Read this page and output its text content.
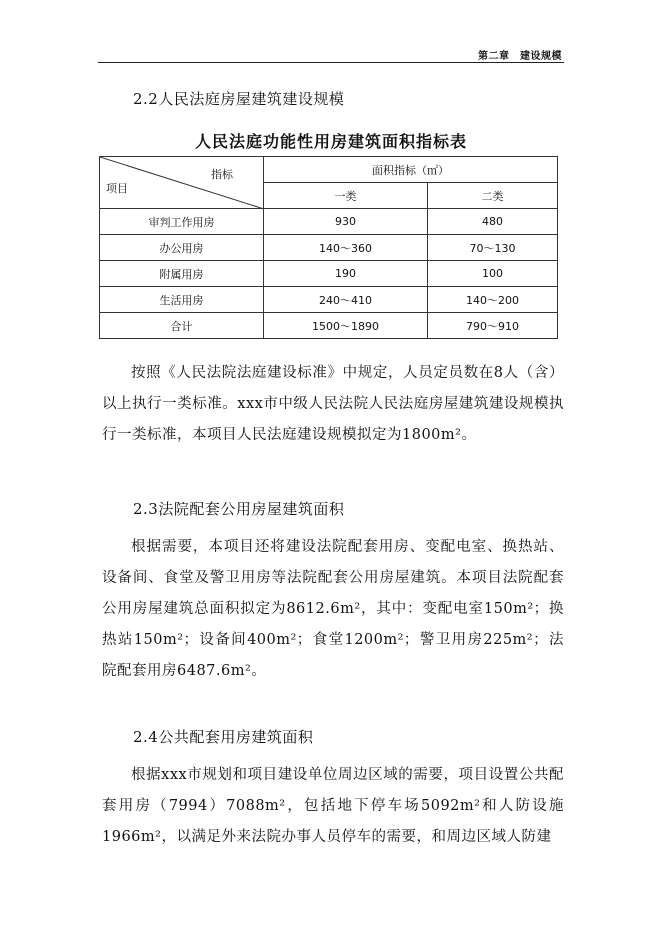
第二章　建设规模
2.2人民法庭房屋建筑建设规模
人民法庭功能性用房建筑面积指标表
指标
项目	面积指标（㎡）	
	一类	二类
审判工作用房	930	480
办公用房	140～360	70～130
附属用房	190	100
生活用房	240～410	140～200
合计	1500～1890	790～910

按照《人民法院法庭建设标准》中规定，人员定员数在8人（含）以上执行一类标准。xxx市中级人民法院人民法庭房屋建筑建设规模执行一类标准，本项目人民法庭建设规模拟定为1800m²。

2.3法院配套公用房屋建筑面积

根据需要，本项目还将建设法院配套用房、变配电室、换热站、设备间、食堂及警卫用房等法院配套公用房屋建筑。本项目法院配套公用房屋建筑总面积拟定为8612.6m²，其中：变配电室150m²；换热站150m²；设备间400m²；食堂1200m²；警卫用房225m²；法院配套用房6487.6m²。

2.4公共配套用房建筑面积

根据xxx市规划和项目建设单位周边区域的需要，项目设置公共配套用房（7994）7088m²，包括地下停车场5092m²和人防设施1966m²，以满足外来法院办事人员停车的需要，和周边区域人防建
